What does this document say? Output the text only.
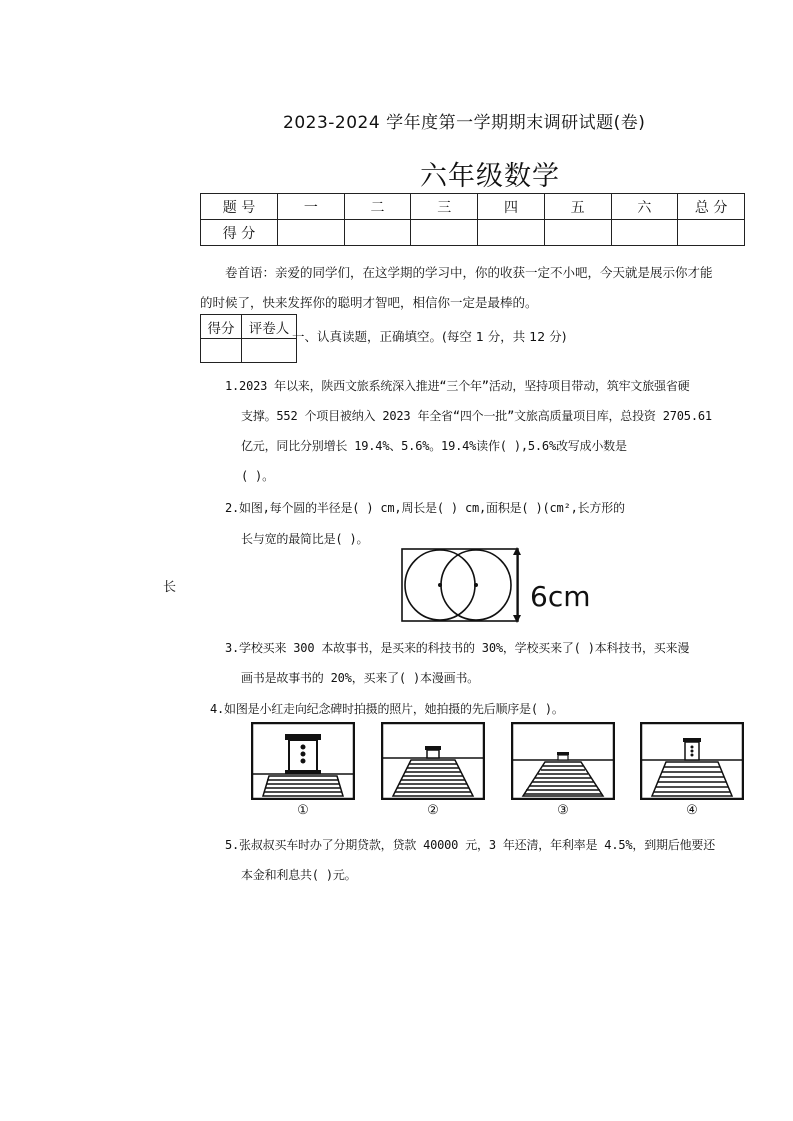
2023-2024 学年度第一学期期末调研试题(卷)
六年级数学
题 号	一	二	三	四	五	六	总 分
得 分							
卷首语：亲爱的同学们，在这学期的学习中，你的收获一定不小吧，今天就是展示你才能
的时候了，快来发挥你的聪明才智吧，相信你一定是最棒的。
得分	评卷人
	一、认真读题，正确填空。(每空 1 分，共 12 分)
1.2023 年以来，陕西文旅系统深入推进“三个年”活动，坚持项目带动，筑牢文旅强省硬
支撑。552 个项目被纳入 2023 年全省“四个一批”文旅高质量项目库，总投资 2705.61
亿元，同比分别增长 19.4%、5.6%。19.4%读作( ),5.6%改写成小数是
( )。
2.如图,每个圆的半径是( ) cm,周长是( ) cm,面积是( )(cm²,长方形的
长与宽的最简比是( )。
长	6cm
3.学校买来 300 本故事书，是买来的科技书的 30%，学校买来了( )本科技书，买来漫
画书是故事书的 20%，买来了( )本漫画书。
4.如图是小红走向纪念碑时拍摄的照片，她拍摄的先后顺序是( )。
①	②	③	④
5.张叔叔买车时办了分期贷款，贷款 40000 元，3 年还清，年利率是 4.5%，到期后他要还
本金和利息共( )元。
